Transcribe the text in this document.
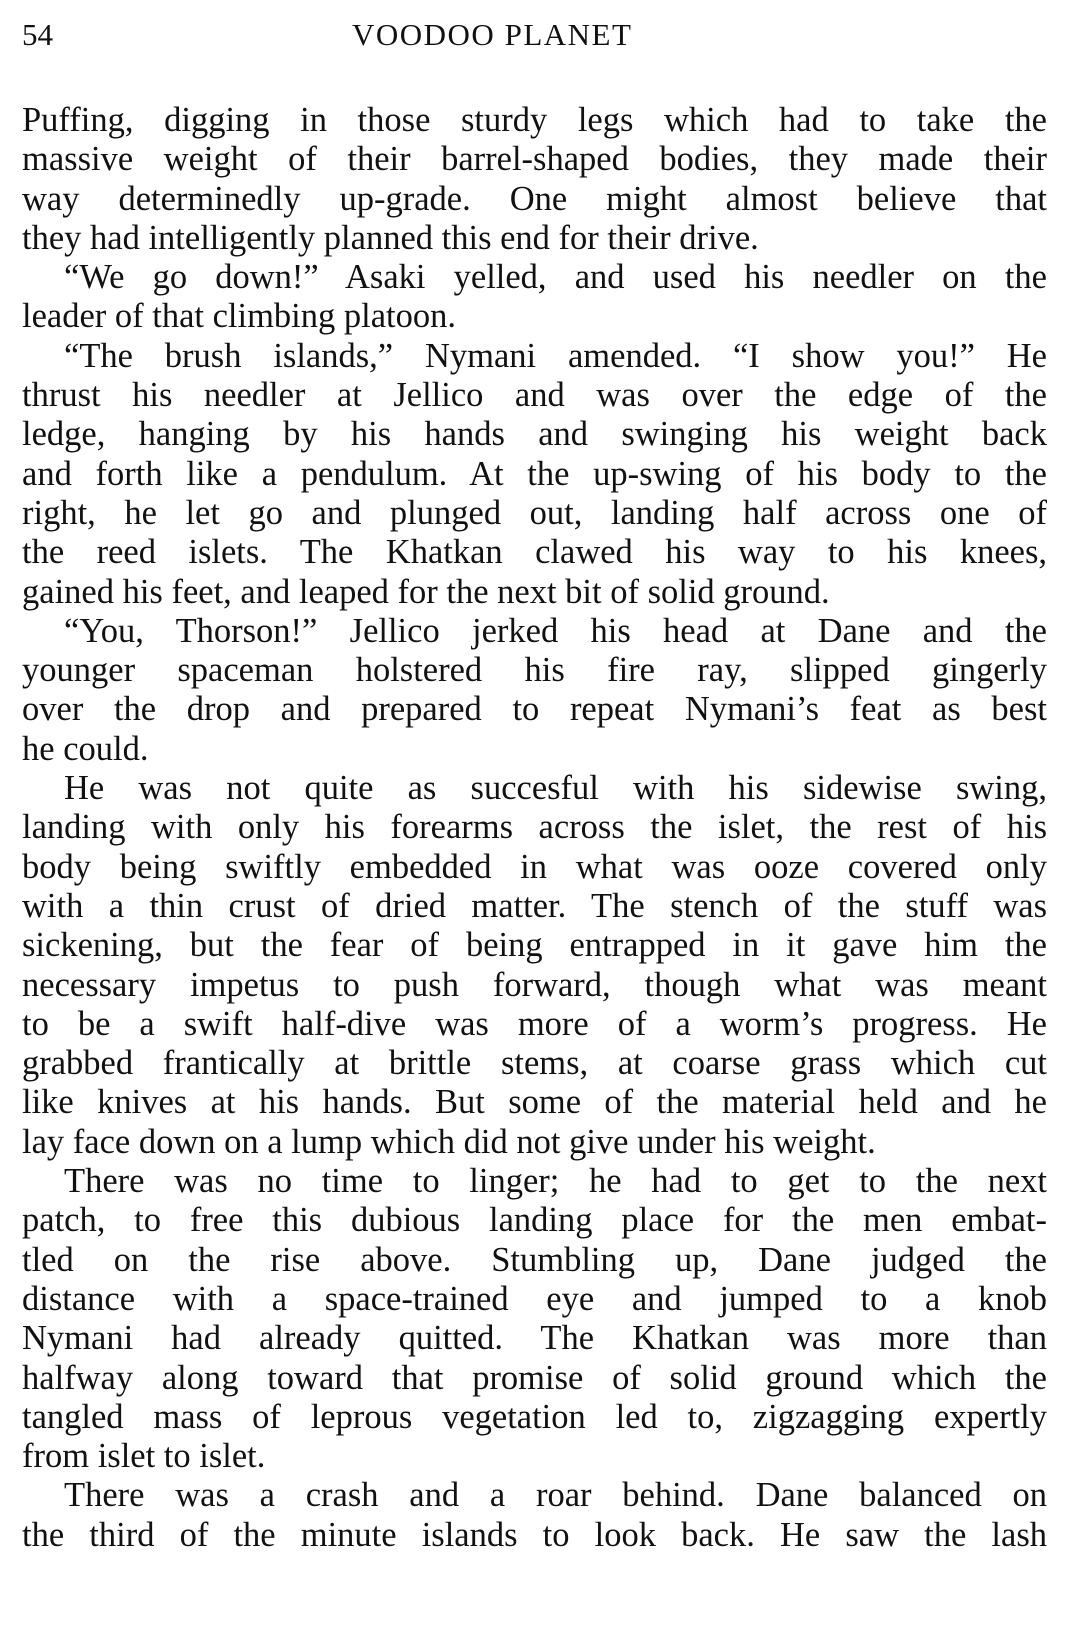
54	VOODOO PLANET
Puffing, digging in those sturdy legs which had to take the
massive weight of their barrel-shaped bodies, they made their
way determinedly up-grade. One might almost believe that
they had intelligently planned this end for their drive.
“We go down!” Asaki yelled, and used his needler on the
leader of that climbing platoon.
“The brush islands,” Nymani amended. “I show you!” He
thrust his needler at Jellico and was over the edge of the
ledge, hanging by his hands and swinging his weight back
and forth like a pendulum. At the up-swing of his body to the
right, he let go and plunged out, landing half across one of
the reed islets. The Khatkan clawed his way to his knees,
gained his feet, and leaped for the next bit of solid ground.
“You, Thorson!” Jellico jerked his head at Dane and the
younger spaceman holstered his fire ray, slipped gingerly
over the drop and prepared to repeat Nymani’s feat as best
he could.
He was not quite as succesful with his sidewise swing,
landing with only his forearms across the islet, the rest of his
body being swiftly embedded in what was ooze covered only
with a thin crust of dried matter. The stench of the stuff was
sickening, but the fear of being entrapped in it gave him the
necessary impetus to push forward, though what was meant
to be a swift half-dive was more of a worm’s progress. He
grabbed frantically at brittle stems, at coarse grass which cut
like knives at his hands. But some of the material held and he
lay face down on a lump which did not give under his weight.
There was no time to linger; he had to get to the next
patch, to free this dubious landing place for the men embat-
tled on the rise above. Stumbling up, Dane judged the
distance with a space-trained eye and jumped to a knob
Nymani had already quitted. The Khatkan was more than
halfway along toward that promise of solid ground which the
tangled mass of leprous vegetation led to, zigzagging expertly
from islet to islet.
There was a crash and a roar behind. Dane balanced on
the third of the minute islands to look back. He saw the lash
